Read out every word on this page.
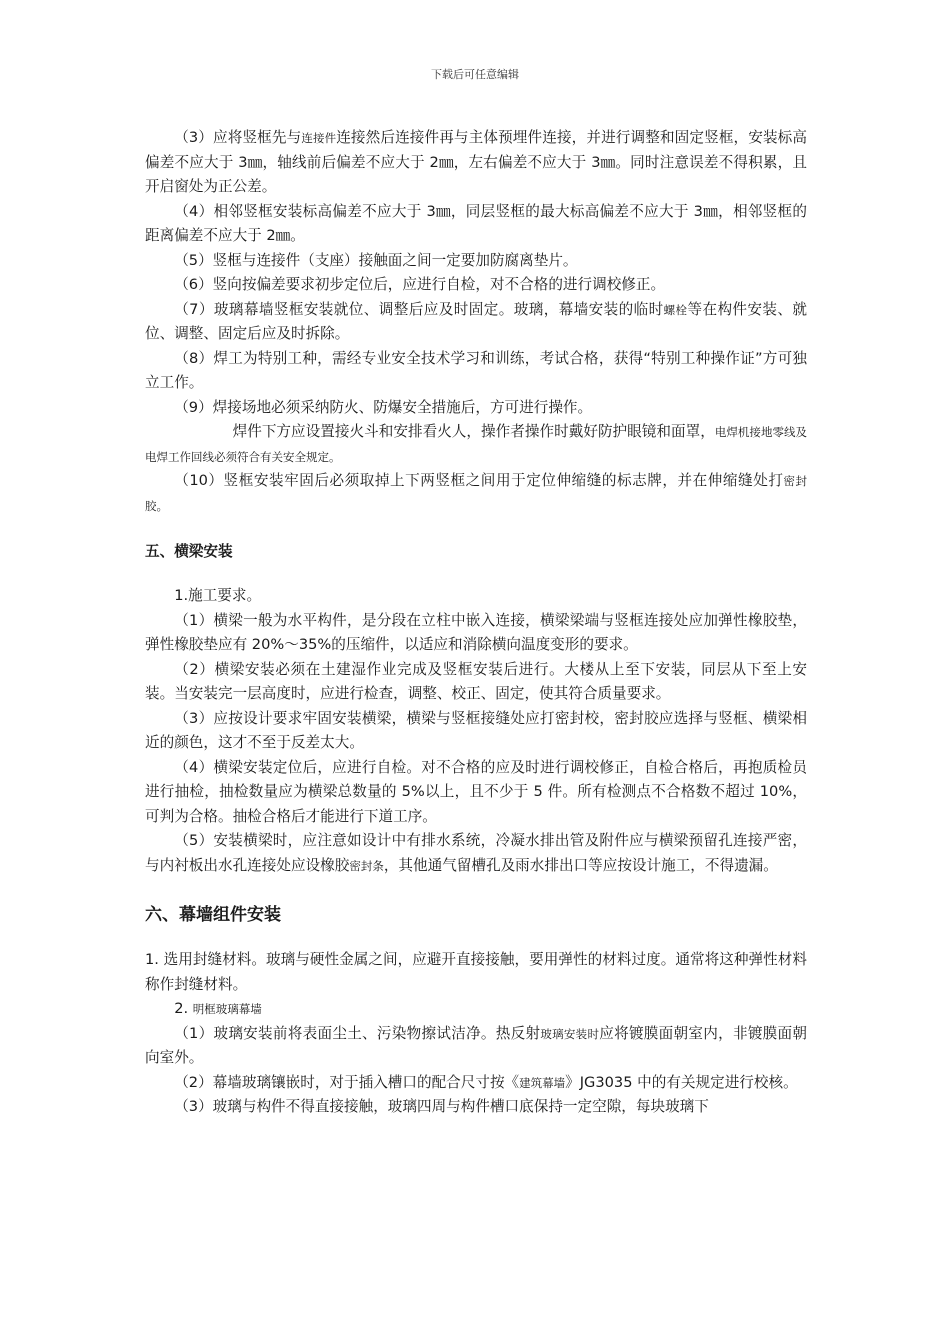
下载后可任意编辑

（3）应将竖框先与连接件连接然后连接件再与主体预埋件连接，并进行调整和固定竖框，安装标高偏差不应大于 3㎜，轴线前后偏差不应大于 2㎜，左右偏差不应大于 3㎜。同时注意误差不得积累，且开启窗处为正公差。

（4）相邻竖框安装标高偏差不应大于 3㎜，同层竖框的最大标高偏差不应大于 3㎜，相邻竖框的距离偏差不应大于 2㎜。

（5）竖框与连接件（支座）接触面之间一定要加防腐离垫片。

（6）竖向按偏差要求初步定位后，应进行自检，对不合格的进行调校修正。

（7）玻璃幕墙竖框安装就位、调整后应及时固定。玻璃，幕墙安装的临时螺栓等在构件安装、就位、调整、固定后应及时拆除。

（8）焊工为特别工种，需经专业安全技术学习和训练，考试合格，获得“特别工种操作证”方可独立工作。

（9）焊接场地必须采纳防火、防爆安全措施后，方可进行操作。

焊件下方应设置接火斗和安排看火人，操作者操作时戴好防护眼镜和面罩，电焊机接地零线及电焊工作回线必须符合有关安全规定。

（10）竖框安装牢固后必须取掉上下两竖框之间用于定位伸缩缝的标志牌，并在伸缩缝处打密封胶。

五、横梁安装

1.施工要求。

（1）横梁一般为水平构件，是分段在立柱中嵌入连接，横梁梁端与竖框连接处应加弹性橡胶垫，弹性橡胶垫应有 20%～35%的压缩件，以适应和消除横向温度变形的要求。

（2）横梁安装必须在土建湿作业完成及竖框安装后进行。大楼从上至下安装，同层从下至上安装。当安装完一层高度时，应进行检查，调整、校正、固定，使其符合质量要求。

（3）应按设计要求牢固安装横梁，横梁与竖框接缝处应打密封校，密封胶应选择与竖框、横梁相近的颜色，这才不至于反差太大。

（4）横梁安装定位后，应进行自检。对不合格的应及时进行调校修正，自检合格后，再抱质检员进行抽检，抽检数量应为横梁总数量的 5%以上，且不少于 5 件。所有检测点不合格数不超过 10%，可判为合格。抽检合格后才能进行下道工序。

（5）安装横梁时，应注意如设计中有排水系统，冷凝水排出管及附件应与横梁预留孔连接严密，与内衬板出水孔连接处应设橡胶密封条，其他通气留槽孔及雨水排出口等应按设计施工，不得遗漏。

六、幕墙组件安装

1. 选用封缝材料。玻璃与硬性金属之间，应避开直接接触，要用弹性的材料过度。通常将这种弹性材料称作封缝材料。

2. 明框玻璃幕墙

（1）玻璃安装前将表面尘土、污染物擦试洁净。热反射玻璃安装时应将镀膜面朝室内，非镀膜面朝向室外。

（2）幕墙玻璃镶嵌时，对于插入槽口的配合尺寸按《建筑幕墙》JG3035 中的有关规定进行校核。

（3）玻璃与构件不得直接接触，玻璃四周与构件槽口底保持一定空隙，每块玻璃下
